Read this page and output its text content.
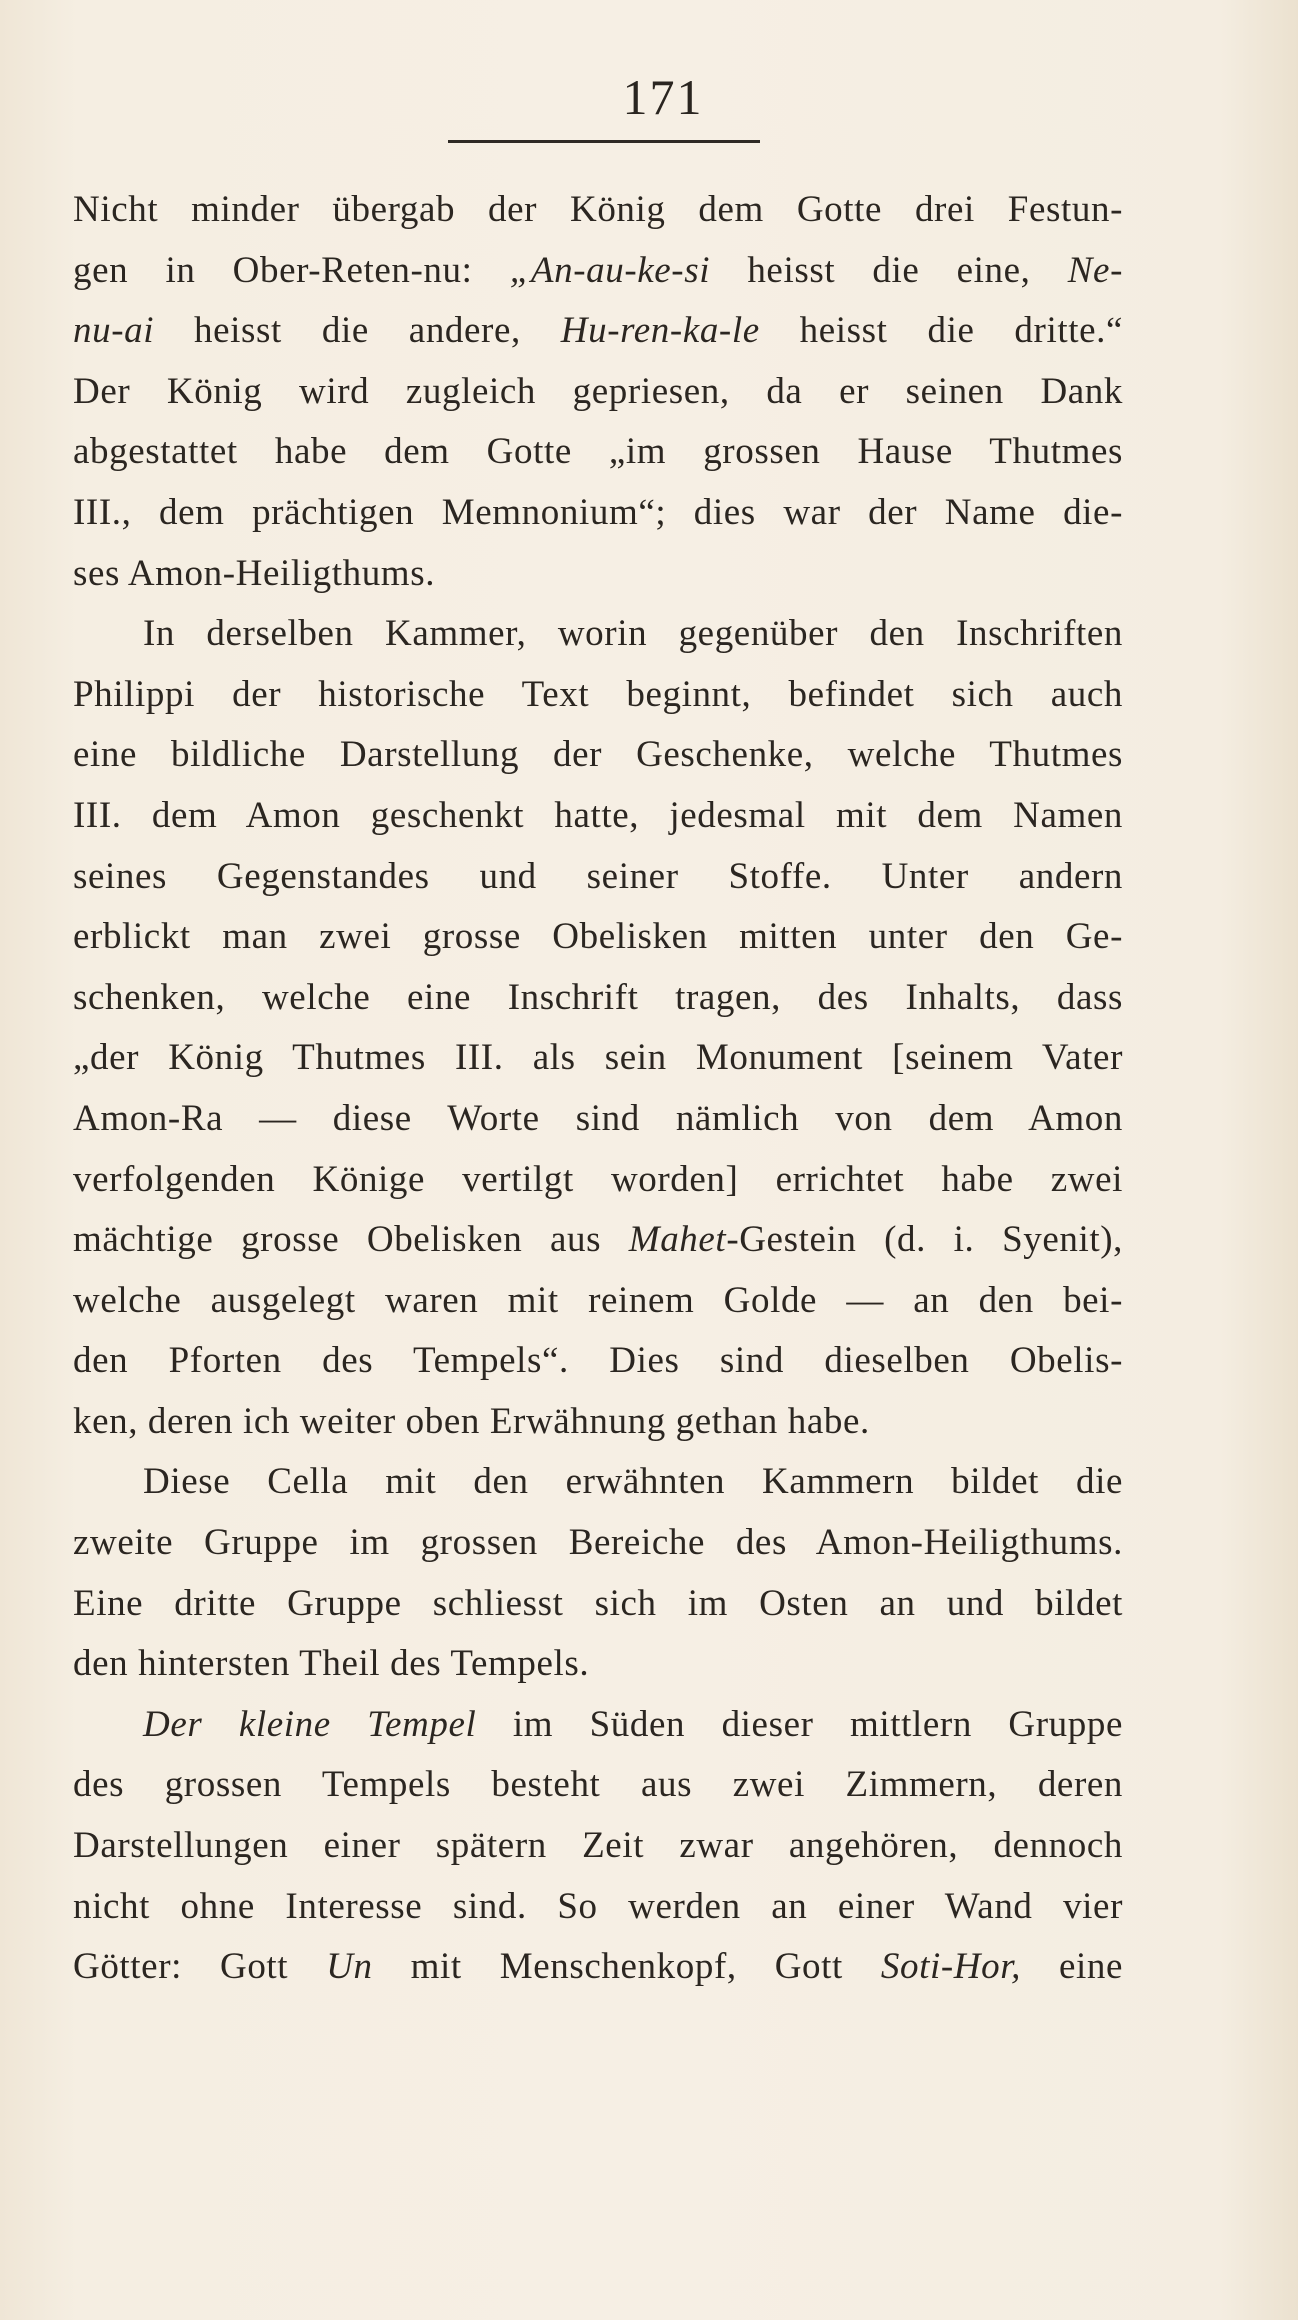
171
Nicht minder übergab der König dem Gotte drei Festun-
gen in Ober-Reten-nu: „An-au-ke-si heisst die eine, Ne-
nu-ai heisst die andere, Hu-ren-ka-le heisst die dritte.“
Der König wird zugleich gepriesen, da er seinen Dank
abgestattet habe dem Gotte „im grossen Hause Thutmes
III., dem prächtigen Memnonium“; dies war der Name die-
ses Amon-Heiligthums.
In derselben Kammer, worin gegenüber den Inschriften
Philippi der historische Text beginnt, befindet sich auch
eine bildliche Darstellung der Geschenke, welche Thutmes
III. dem Amon geschenkt hatte, jedesmal mit dem Namen
seines Gegenstandes und seiner Stoffe. Unter andern
erblickt man zwei grosse Obelisken mitten unter den Ge-
schenken, welche eine Inschrift tragen, des Inhalts, dass
„der König Thutmes III. als sein Monument [seinem Vater
Amon-Ra — diese Worte sind nämlich von dem Amon
verfolgenden Könige vertilgt worden] errichtet habe zwei
mächtige grosse Obelisken aus Mahet-Gestein (d. i. Syenit),
welche ausgelegt waren mit reinem Golde — an den bei-
den Pforten des Tempels“. Dies sind dieselben Obelis-
ken, deren ich weiter oben Erwähnung gethan habe.
Diese Cella mit den erwähnten Kammern bildet die
zweite Gruppe im grossen Bereiche des Amon-Heiligthums.
Eine dritte Gruppe schliesst sich im Osten an und bildet
den hintersten Theil des Tempels.
Der kleine Tempel im Süden dieser mittlern Gruppe
des grossen Tempels besteht aus zwei Zimmern, deren
Darstellungen einer spätern Zeit zwar angehören, dennoch
nicht ohne Interesse sind. So werden an einer Wand vier
Götter: Gott Un mit Menschenkopf, Gott Soti-Hor, eine
